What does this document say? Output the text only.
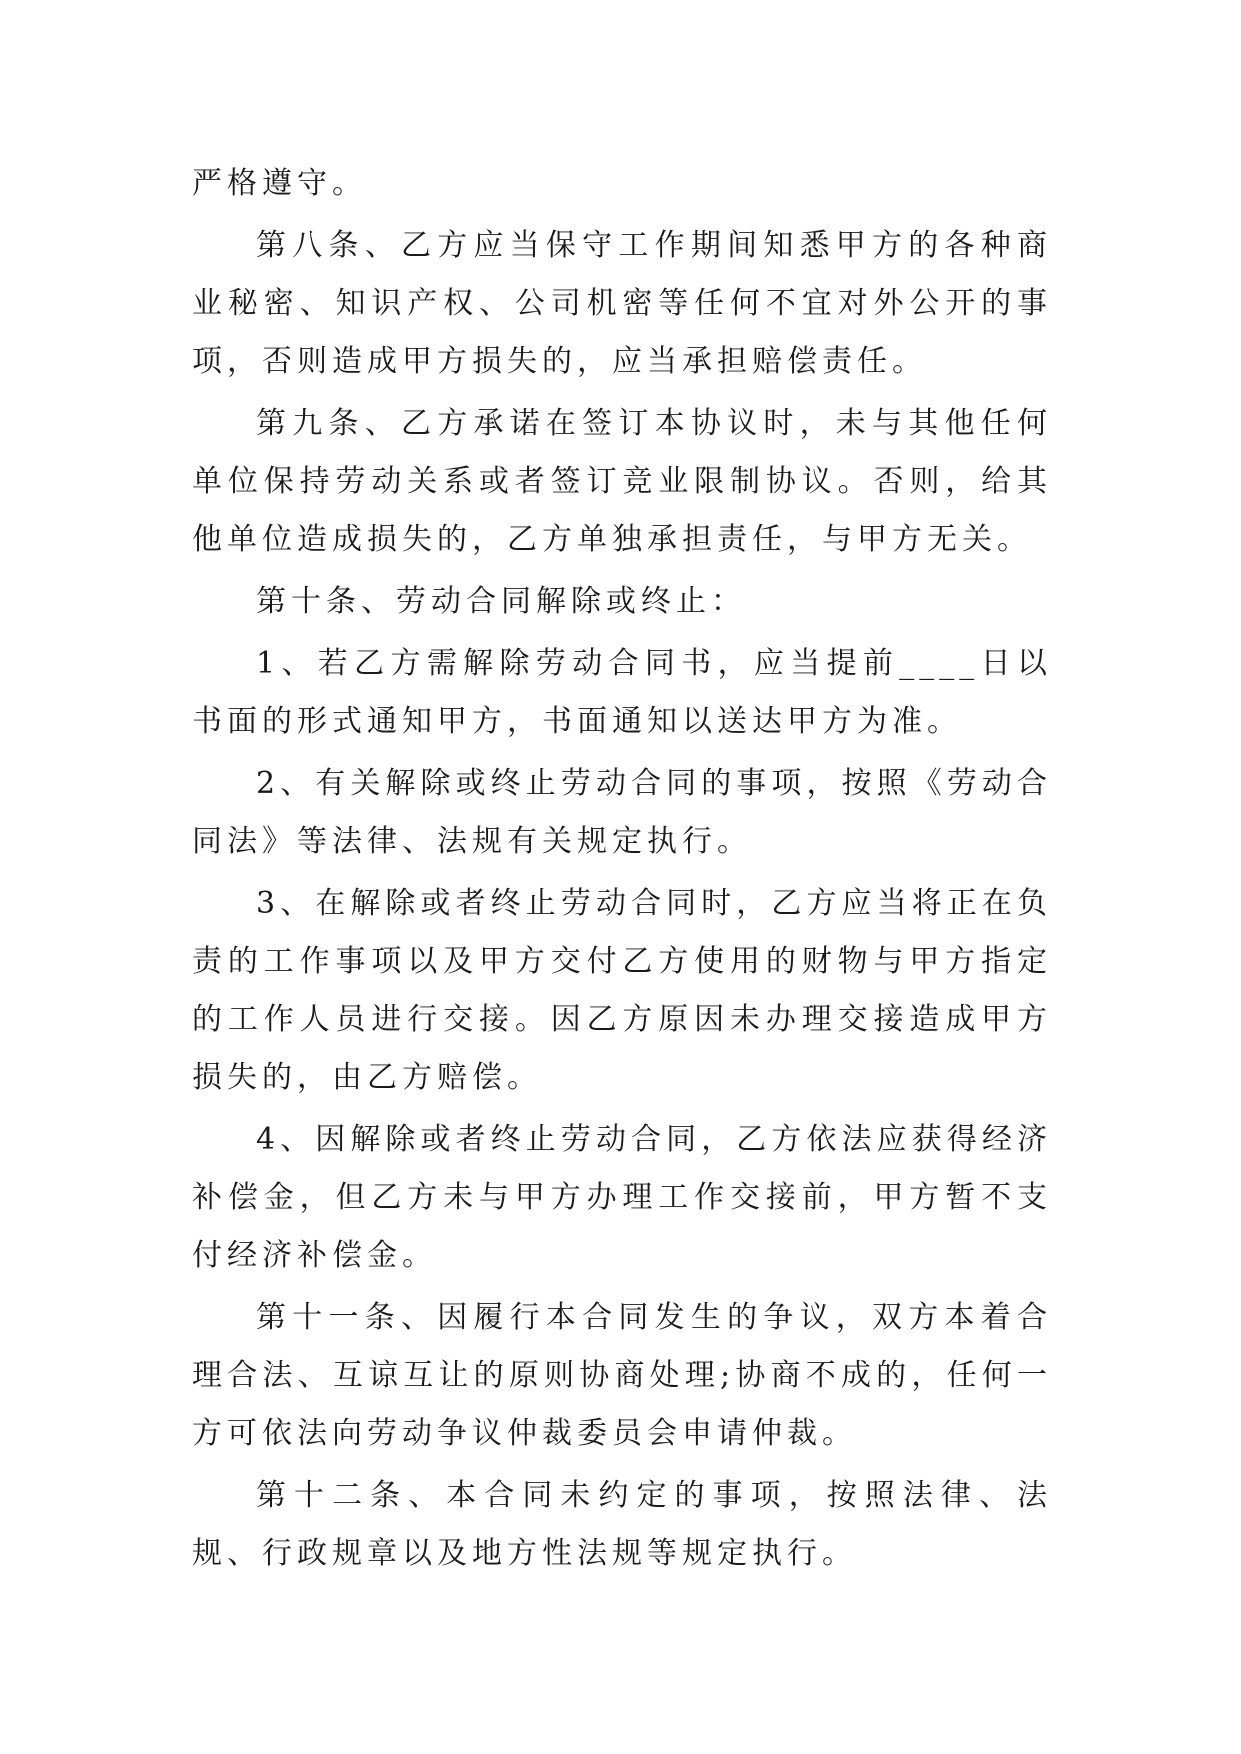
严格遵守。

第八条、乙方应当保守工作期间知悉甲方的各种商业秘密、知识产权、公司机密等任何不宜对外公开的事项，否则造成甲方损失的，应当承担赔偿责任。

第九条、乙方承诺在签订本协议时，未与其他任何单位保持劳动关系或者签订竞业限制协议。否则，给其他单位造成损失的，乙方单独承担责任，与甲方无关。

第十条、劳动合同解除或终止：

1、若乙方需解除劳动合同书，应当提前____日以书面的形式通知甲方，书面通知以送达甲方为准。

2、有关解除或终止劳动合同的事项，按照《劳动合同法》等法律、法规有关规定执行。

3、在解除或者终止劳动合同时，乙方应当将正在负责的工作事项以及甲方交付乙方使用的财物与甲方指定的工作人员进行交接。因乙方原因未办理交接造成甲方损失的，由乙方赔偿。

4、因解除或者终止劳动合同，乙方依法应获得经济补偿金，但乙方未与甲方办理工作交接前，甲方暂不支付经济补偿金。

第十一条、因履行本合同发生的争议，双方本着合理合法、互谅互让的原则协商处理;协商不成的，任何一方可依法向劳动争议仲裁委员会申请仲裁。

第十二条、本合同未约定的事项，按照法律、法规、行政规章以及地方性法规等规定执行。
